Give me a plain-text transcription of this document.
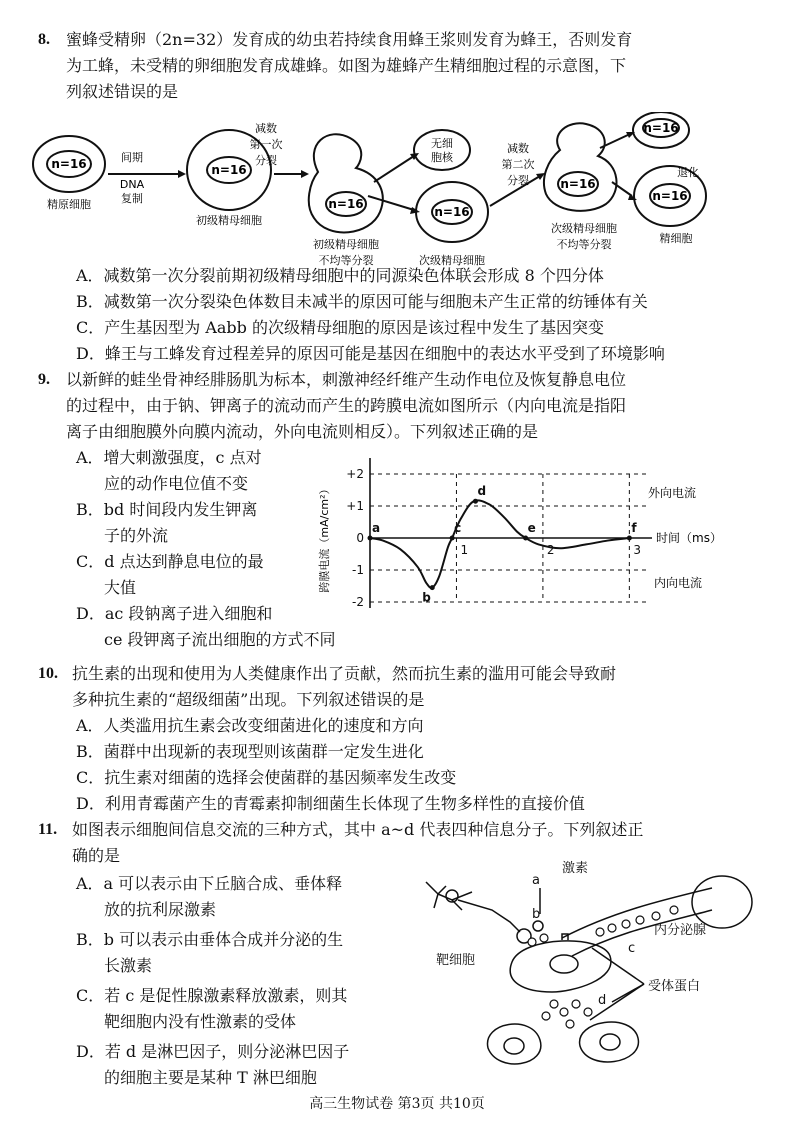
8. 蜜蜂受精卵（2n=32）发育成的幼虫若持续食用蜂王浆则发育为蜂王，否则发育
为工蜂，未受精的卵细胞发育成雄蜂。如图为雄蜂产生精细胞过程的示意图，下
列叙述错误的是
n=16	n=16
n=16
n=16
n=16
n=16
n=16
精原细胞
间期
DNA
复制
初级精母细胞
减数
第一次
分裂
初级精母细胞
不均等分裂
无细
胞核
次级精母细胞
减数
第二次
分裂
次级精母细胞
不均等分裂
退化
精细胞
A．减数第一次分裂前期初级精母细胞中的同源染色体联会形成 8 个四分体
B．减数第一次分裂染色体数目未减半的原因可能与细胞未产生正常的纺锤体有关
C．产生基因型为 Aabb 的次级精母细胞的原因是该过程中发生了基因突变
D．蜂王与工蜂发育过程差异的原因可能是基因在细胞中的表达水平受到了环境影响
9. 以新鲜的蛙坐骨神经腓肠肌为标本，刺激神经纤维产生动作电位及恢复静息电位
的过程中，由于钠、钾离子的流动而产生的跨膜电流如图所示（内向电流是指阳
离子由细胞膜外向膜内流动，外向电流则相反）。下列叙述正确的是
A．增大刺激强度，c 点对
应的动作电位值不变
B．bd 时间段内发生钾离
子的外流
C．d 点达到静息电位的最
大值
D．ac 段钠离子进入细胞和
ce 段钾离子流出细胞的方式不同
+2
+1
0
-1
-2
1	2	3
a
b
c
d
e	f
跨膜电流（mA/cm²）	时间（ms）
外向电流
内向电流
10. 抗生素的出现和使用为人类健康作出了贡献，然而抗生素的滥用可能会导致耐
多种抗生素的“超级细菌”出现。下列叙述错误的是
A．人类滥用抗生素会改变细菌进化的速度和方向
B．菌群中出现新的表现型则该菌群一定发生进化
C．抗生素对细菌的选择会使菌群的基因频率发生改变
D．利用青霉菌产生的青霉素抑制细菌生长体现了生物多样性的直接价值
11. 如图表示细胞间信息交流的三种方式，其中 a~d 代表四种信息分子。下列叙述正
确的是
A．a 可以表示由下丘脑合成、垂体释
放的抗利尿激素
B．b 可以表示由垂体合成并分泌的生
长激素
C．若 c 是促性腺激素释放激素，则其
靶细胞内没有性激素的受体
D．若 d 是淋巴因子，则分泌淋巴因子
的细胞主要是某种 T 淋巴细胞
激素
内分泌腺
靶细胞
受体蛋白
a
b
c
d
高三生物试卷 第3页 共10页
